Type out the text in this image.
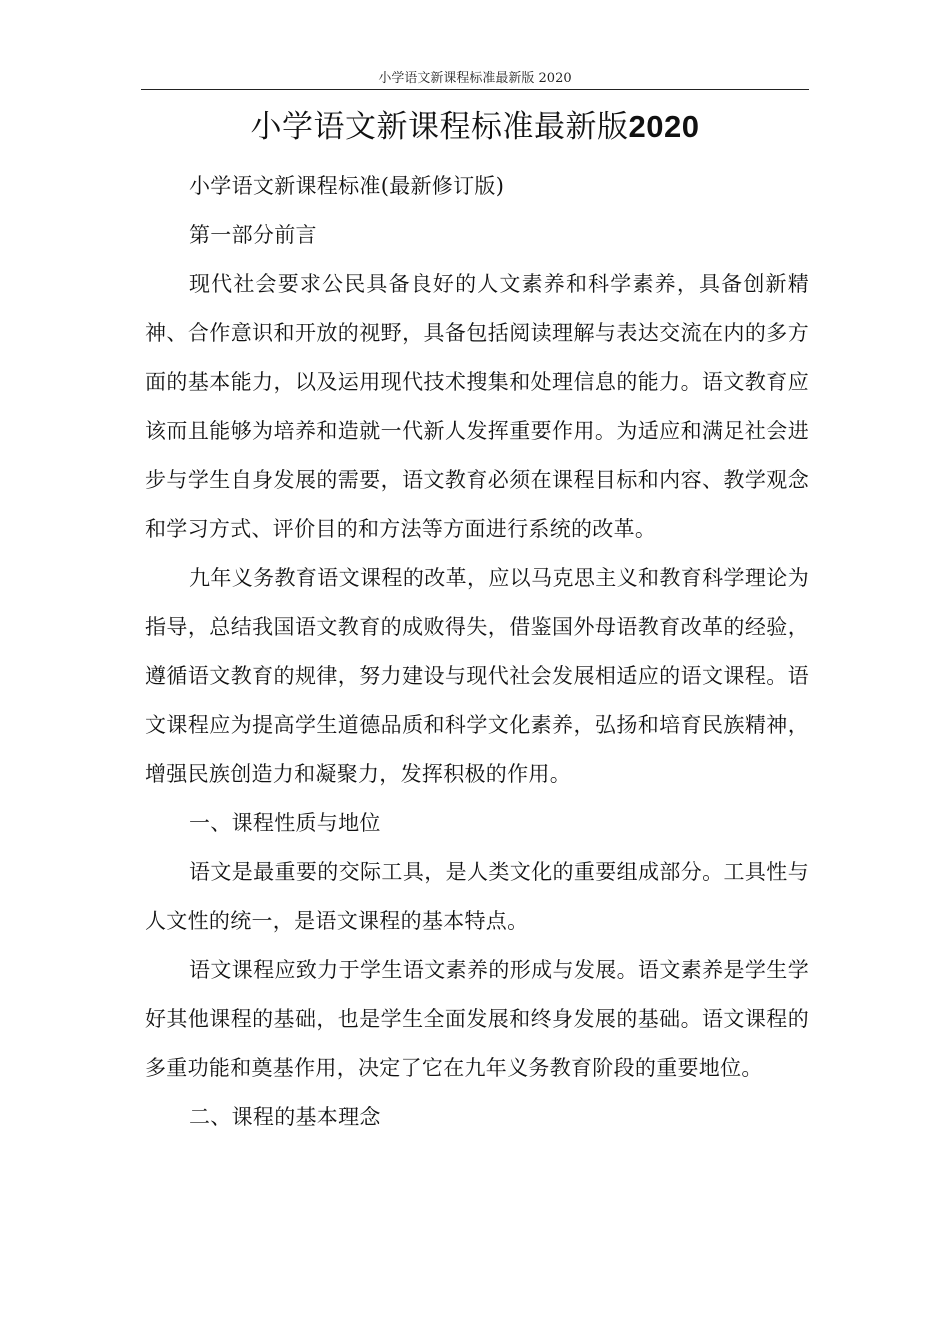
小学语文新课程标准最新版 2020
小学语文新课程标准最新版2020

小学语文新课程标准(最新修订版)

第一部分前言

现代社会要求公民具备良好的人文素养和科学素养，具备创新精神、合作意识和开放的视野，具备包括阅读理解与表达交流在内的多方面的基本能力，以及运用现代技术搜集和处理信息的能力。语文教育应该而且能够为培养和造就一代新人发挥重要作用。为适应和满足社会进步与学生自身发展的需要，语文教育必须在课程目标和内容、教学观念和学习方式、评价目的和方法等方面进行系统的改革。

九年义务教育语文课程的改革，应以马克思主义和教育科学理论为指导，总结我国语文教育的成败得失，借鉴国外母语教育改革的经验，遵循语文教育的规律，努力建设与现代社会发展相适应的语文课程。语文课程应为提高学生道德品质和科学文化素养，弘扬和培育民族精神，增强民族创造力和凝聚力，发挥积极的作用。

一、课程性质与地位

语文是最重要的交际工具，是人类文化的重要组成部分。工具性与人文性的统一，是语文课程的基本特点。

语文课程应致力于学生语文素养的形成与发展。语文素养是学生学好其他课程的基础，也是学生全面发展和终身发展的基础。语文课程的多重功能和奠基作用，决定了它在九年义务教育阶段的重要地位。

二、课程的基本理念
